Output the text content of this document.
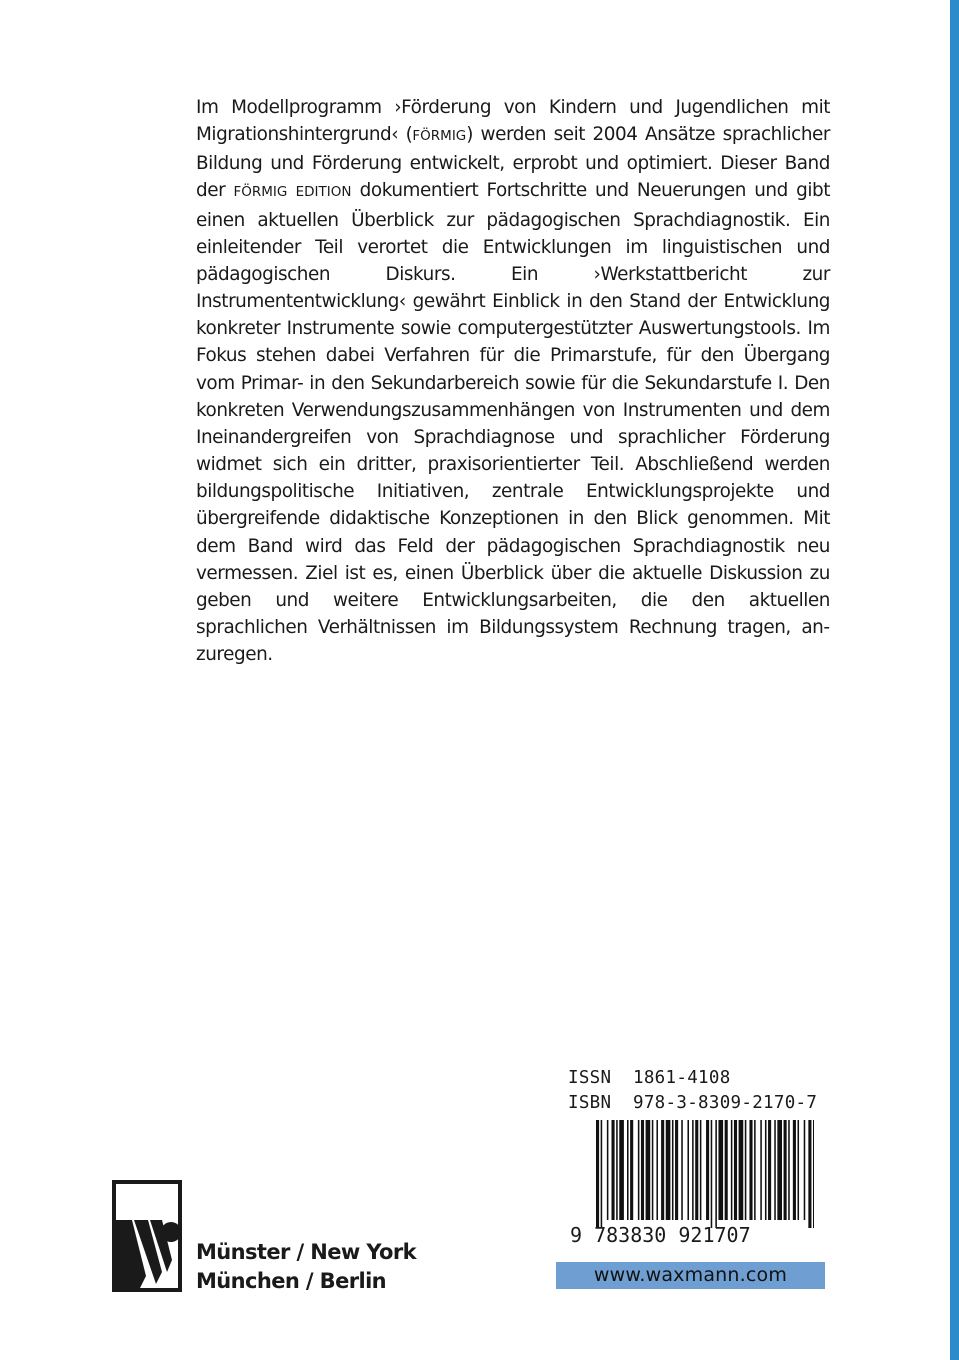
Im Modellprogramm ›Förderung von Kindern und Jugendlichen mit Migrationshintergrund‹ (FÖRMIG) werden seit 2004 Ansätze sprachlicher Bildung und Förderung entwickelt, erprobt und optimiert. Dieser Band der FÖRMIG EDITION dokumentiert Fortschritte und Neuerungen und gibt einen aktuellen Überblick zur pädagogischen Sprachdiagnostik. Ein einleitender Teil verortet die Entwicklungen im linguistischen und pädagogischen Diskurs. Ein ›Werkstattbericht zur Instrumententwicklung‹ gewährt Einblick in den Stand der Entwicklung konkreter Instrumente sowie computergestützter Auswertungstools. Im Fokus stehen dabei Verfahren für die Primarstufe, für den Übergang vom Primar- in den Sekundarbereich sowie für die Sekundarstufe I. Den konkreten Verwendungszusammenhängen von Instrumenten und dem Ineinandergreifen von Sprachdiagnose und sprachlicher Förderung widmet sich ein dritter, praxisorientierter Teil. Abschließend werden bildungspolitische Initiativen, zentrale Entwicklungsprojekte und übergreifende didaktische Konzeptionen in den Blick genommen. Mit dem Band wird das Feld der pädagogischen Sprachdiagnostik neu vermessen. Ziel ist es, einen Überblick über die aktuelle Diskussion zu geben und weitere Entwicklungsarbeiten, die den aktuellen sprachlichen Verhältnissen im Bildungssystem Rechnung tragen, anzuregen.

ISSN  1861-4108
ISBN  978-3-8309-2170-7
9 783830 921707
www.waxmann.com
Münster / New York
München / Berlin
